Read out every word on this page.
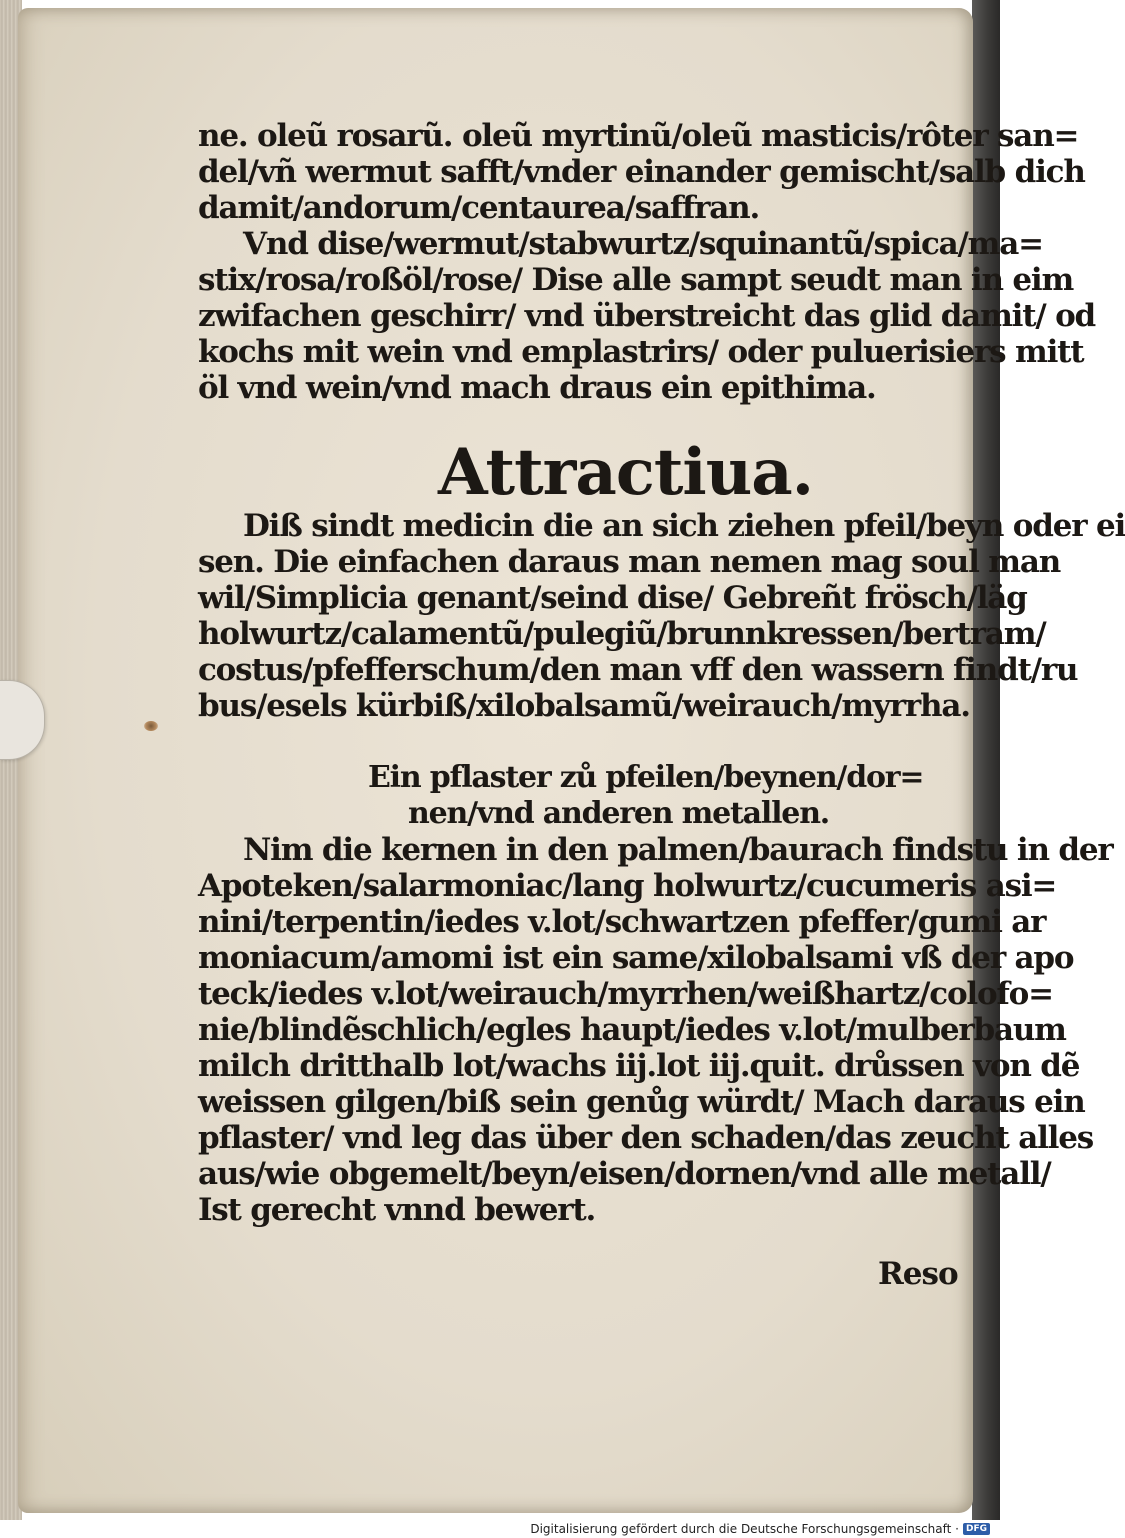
ne. oleũ rosarũ. oleũ myrtinũ/oleũ masticis/rôter san=
del/vñ wermut safft/vnder einander gemischt/salb dich
damit/andorum/centaurea/saffran.
Vnd dise/wermut/stabwurtz/squinantũ/spica/ma=
stix/rosa/roßöl/rose/ Dise alle sampt seudt man in eim
zwifachen geschirr/ vnd überstreicht das glid damit/ od
kochs mit wein vnd emplastrirs/ oder puluerisiers mitt
öl vnd wein/vnd mach draus ein epithima.
Attractiua.
Diß sindt medicin die an sich ziehen pfeil/beyn oder ei
sen. Die einfachen daraus man nemen mag soul man
wil/Simplicia genant/seind dise/ Gebreñt frösch/läg
holwurtz/calamentũ/pulegiũ/brunnkressen/bertram/
costus/pfefferschum/den man vff den wassern findt/ru
bus/esels kürbiß/xilobalsamũ/weirauch/myrrha.
Ein pflaster zů pfeilen/beynen/dor=
nen/vnd anderen metallen.
Nim die kernen in den palmen/baurach findstu in der
Apoteken/salarmoniac/lang holwurtz/cucumeris asi=
nini/terpentin/iedes v.lot/schwartzen pfeffer/gumi ar
moniacum/amomi ist ein same/xilobalsami vß der apo
teck/iedes v.lot/weirauch/myrrhen/weißhartz/colofo=
nie/blindẽschlich/egles haupt/iedes v.lot/mulberbaum
milch dritthalb lot/wachs iij.lot iij.quit. drůssen von dẽ
weissen gilgen/biß sein genůg würdt/ Mach daraus ein
pflaster/ vnd leg das über den schaden/das zeucht alles
aus/wie obgemelt/beyn/eisen/dornen/vnd alle metall/
Ist gerecht vnnd bewert.
Reso
Digitalisierung gefördert durch die Deutsche Forschungsgemeinschaft · DFG
